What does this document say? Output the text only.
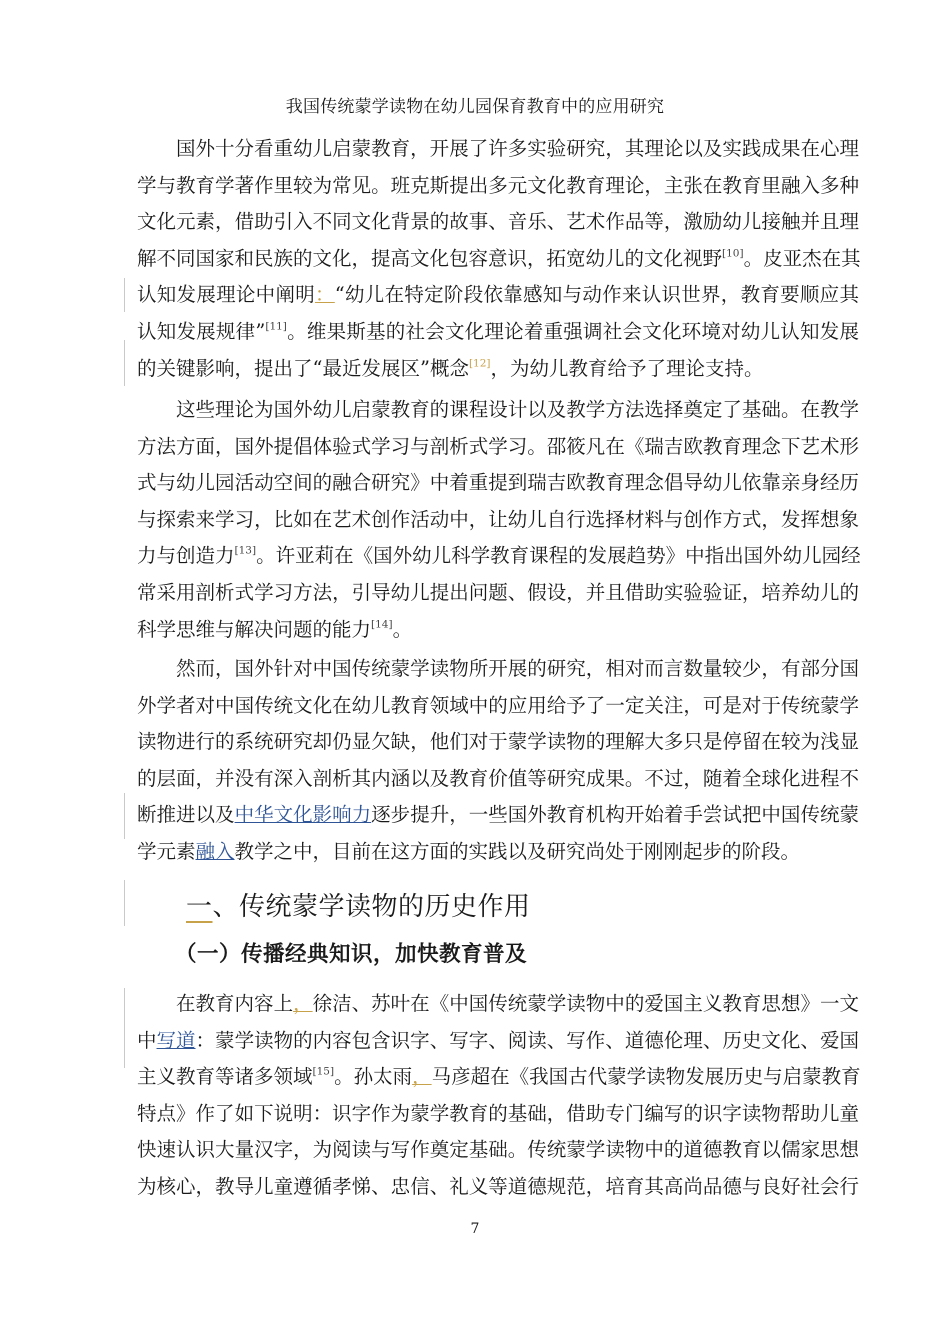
我国传统蒙学读物在幼儿园保育教育中的应用研究
国外十分看重幼儿启蒙教育，开展了许多实验研究，其理论以及实践成果在心理
学与教育学著作里较为常见。班克斯提出多元文化教育理论，主张在教育里融入多种
文化元素，借助引入不同文化背景的故事、音乐、艺术作品等，激励幼儿接触并且理
解不同国家和民族的文化，提高文化包容意识，拓宽幼儿的文化视野[10]。皮亚杰在其
认知发展理论中阐明：“幼儿在特定阶段依靠感知与动作来认识世界，教育要顺应其
认知发展规律”[11]。维果斯基的社会文化理论着重强调社会文化环境对幼儿认知发展
的关键影响，提出了“最近发展区”概念[12]，为幼儿教育给予了理论支持。
这些理论为国外幼儿启蒙教育的课程设计以及教学方法选择奠定了基础。在教学
方法方面，国外提倡体验式学习与剖析式学习。邵筱凡在《瑞吉欧教育理念下艺术形
式与幼儿园活动空间的融合研究》中着重提到瑞吉欧教育理念倡导幼儿依靠亲身经历
与探索来学习，比如在艺术创作活动中，让幼儿自行选择材料与创作方式，发挥想象
力与创造力[13]。许亚莉在《国外幼儿科学教育课程的发展趋势》中指出国外幼儿园经
常采用剖析式学习方法，引导幼儿提出问题、假设，并且借助实验验证，培养幼儿的
科学思维与解决问题的能力[14]。
然而，国外针对中国传统蒙学读物所开展的研究，相对而言数量较少，有部分国
外学者对中国传统文化在幼儿教育领域中的应用给予了一定关注，可是对于传统蒙学
读物进行的系统研究却仍显欠缺，他们对于蒙学读物的理解大多只是停留在较为浅显
的层面，并没有深入剖析其内涵以及教育价值等研究成果。不过，随着全球化进程不
断推进以及中华文化影响力逐步提升，一些国外教育机构开始着手尝试把中国传统蒙
学元素融入教学之中，目前在这方面的实践以及研究尚处于刚刚起步的阶段。
一、传统蒙学读物的历史作用
（一）传播经典知识，加快教育普及
在教育内容上，徐洁、苏叶在《中国传统蒙学读物中的爱国主义教育思想》一文
中写道：蒙学读物的内容包含识字、写字、阅读、写作、道德伦理、历史文化、爱国
主义教育等诸多领域[15]。孙太雨，马彦超在《我国古代蒙学读物发展历史与启蒙教育
特点》作了如下说明：识字作为蒙学教育的基础，借助专门编写的识字读物帮助儿童
快速认识大量汉字，为阅读与写作奠定基础。传统蒙学读物中的道德教育以儒家思想
为核心，教导儿童遵循孝悌、忠信、礼义等道德规范，培育其高尚品德与良好社会行
7
